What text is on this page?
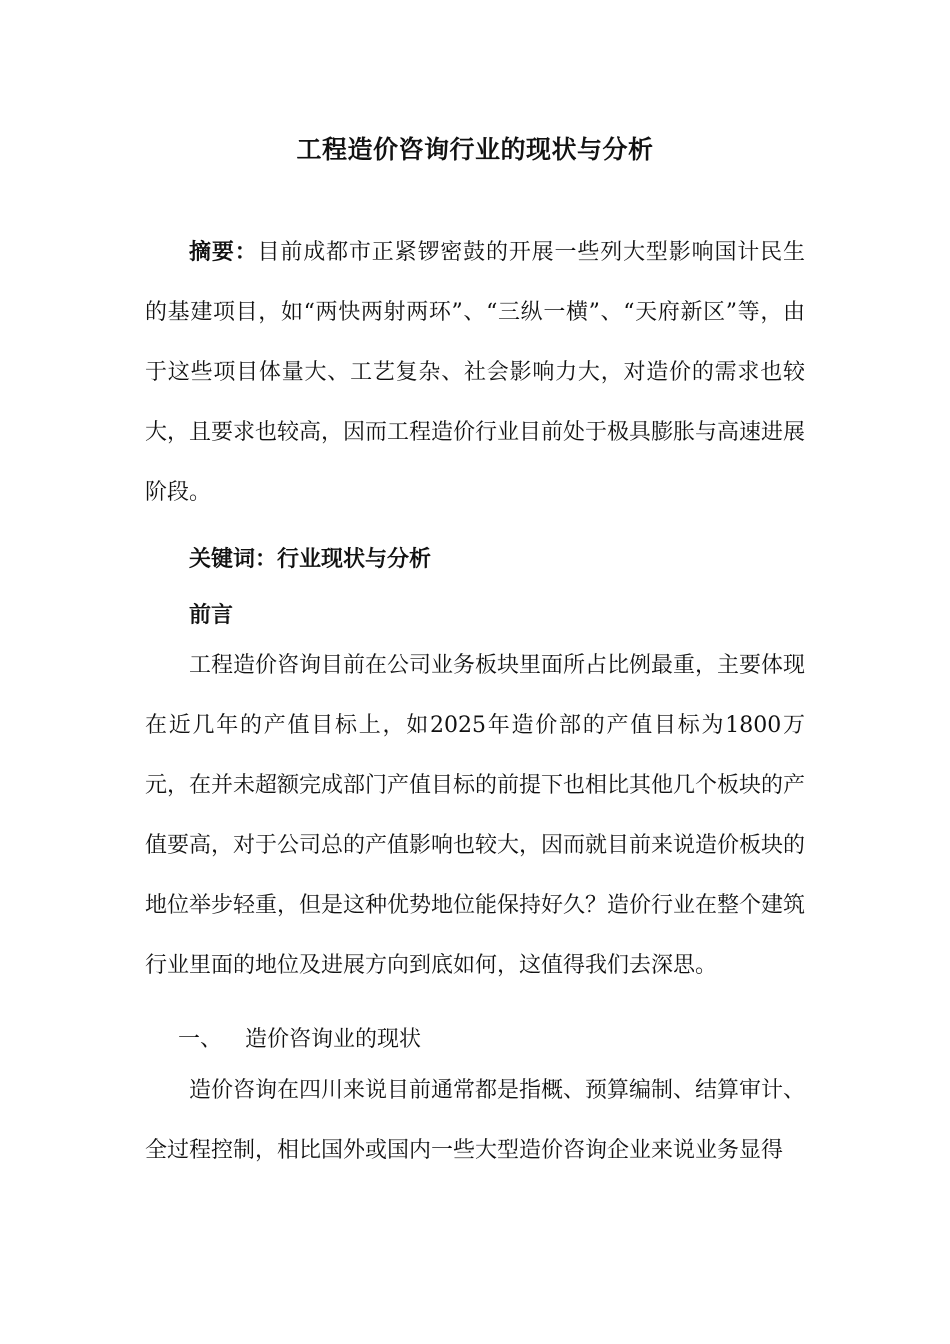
工程造价咨询行业的现状与分析
摘要：目前成都市正紧锣密鼓的开展一些列大型影响国计民生的基建项目，如“两快两射两环”、“三纵一横”、“天府新区”等，由于这些项目体量大、工艺复杂、社会影响力大，对造价的需求也较大，且要求也较高，因而工程造价行业目前处于极具膨胀与高速进展阶段。
关键词：行业现状与分析
前言
工程造价咨询目前在公司业务板块里面所占比例最重，主要体现在近几年的产值目标上，如2025年造价部的产值目标为1800万元，在并未超额完成部门产值目标的前提下也相比其他几个板块的产值要高，对于公司总的产值影响也较大，因而就目前来说造价板块的地位举步轻重，但是这种优势地位能保持好久？造价行业在整个建筑行业里面的地位及进展方向到底如何，这值得我们去深思。
一、 造价咨询业的现状
造价咨询在四川来说目前通常都是指概、预算编制、结算审计、全过程控制，相比国外或国内一些大型造价咨询企业来说业务显得
